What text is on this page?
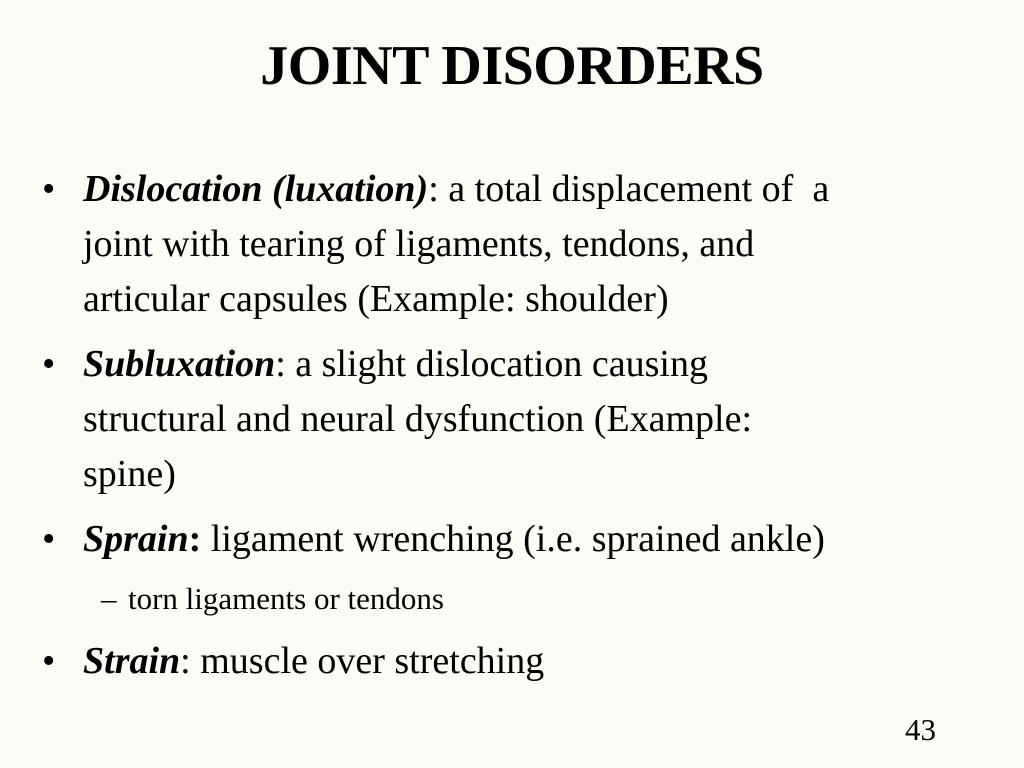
JOINT DISORDERS
• Dislocation (luxation): a total displacement of  a
joint with tearing of ligaments, tendons, and
articular capsules (Example: shoulder)
• Subluxation: a slight dislocation causing
structural and neural dysfunction (Example:
spine)
• Sprain: ligament wrenching (i.e. sprained ankle)
– torn ligaments or tendons
• Strain: muscle over stretching
43
